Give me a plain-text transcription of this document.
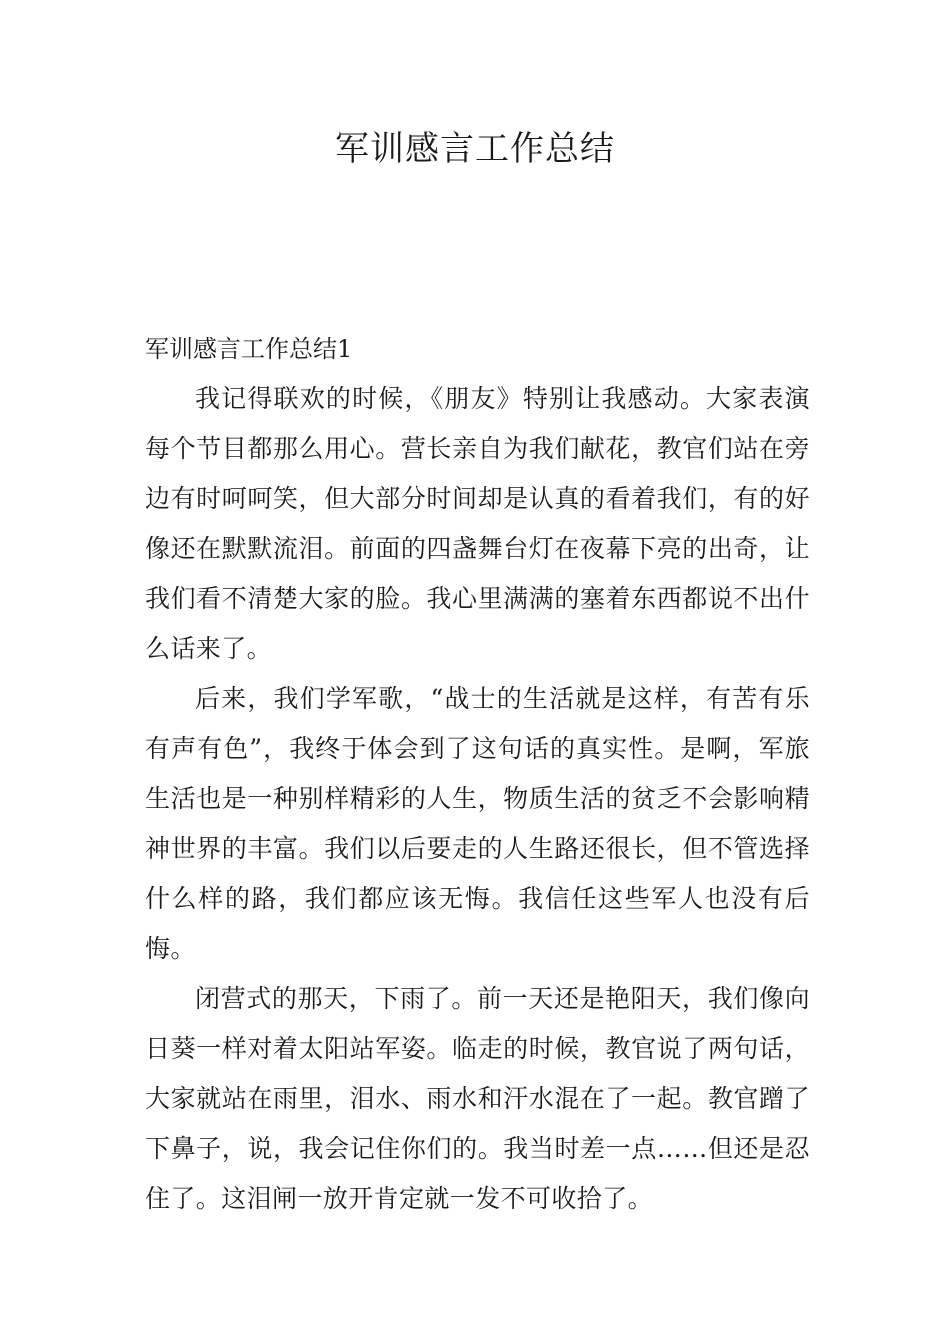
军训感言工作总结

军训感言工作总结1

我记得联欢的时候，《朋友》特别让我感动。大家表演每个节目都那么用心。营长亲自为我们献花，教官们站在旁边有时呵呵笑，但大部分时间却是认真的看着我们，有的好像还在默默流泪。前面的四盏舞台灯在夜幕下亮的出奇，让我们看不清楚大家的脸。我心里满满的塞着东西都说不出什么话来了。

后来，我们学军歌，“战士的生活就是这样，有苦有乐有声有色”，我终于体会到了这句话的真实性。是啊，军旅生活也是一种别样精彩的人生，物质生活的贫乏不会影响精神世界的丰富。我们以后要走的人生路还很长，但不管选择什么样的路，我们都应该无悔。我信任这些军人也没有后悔。

闭营式的那天，下雨了。前一天还是艳阳天，我们像向日葵一样对着太阳站军姿。临走的时候，教官说了两句话，大家就站在雨里，泪水、雨水和汗水混在了一起。教官蹭了下鼻子，说，我会记住你们的。我当时差一点……但还是忍住了。这泪闸一放开肯定就一发不可收拾了。
